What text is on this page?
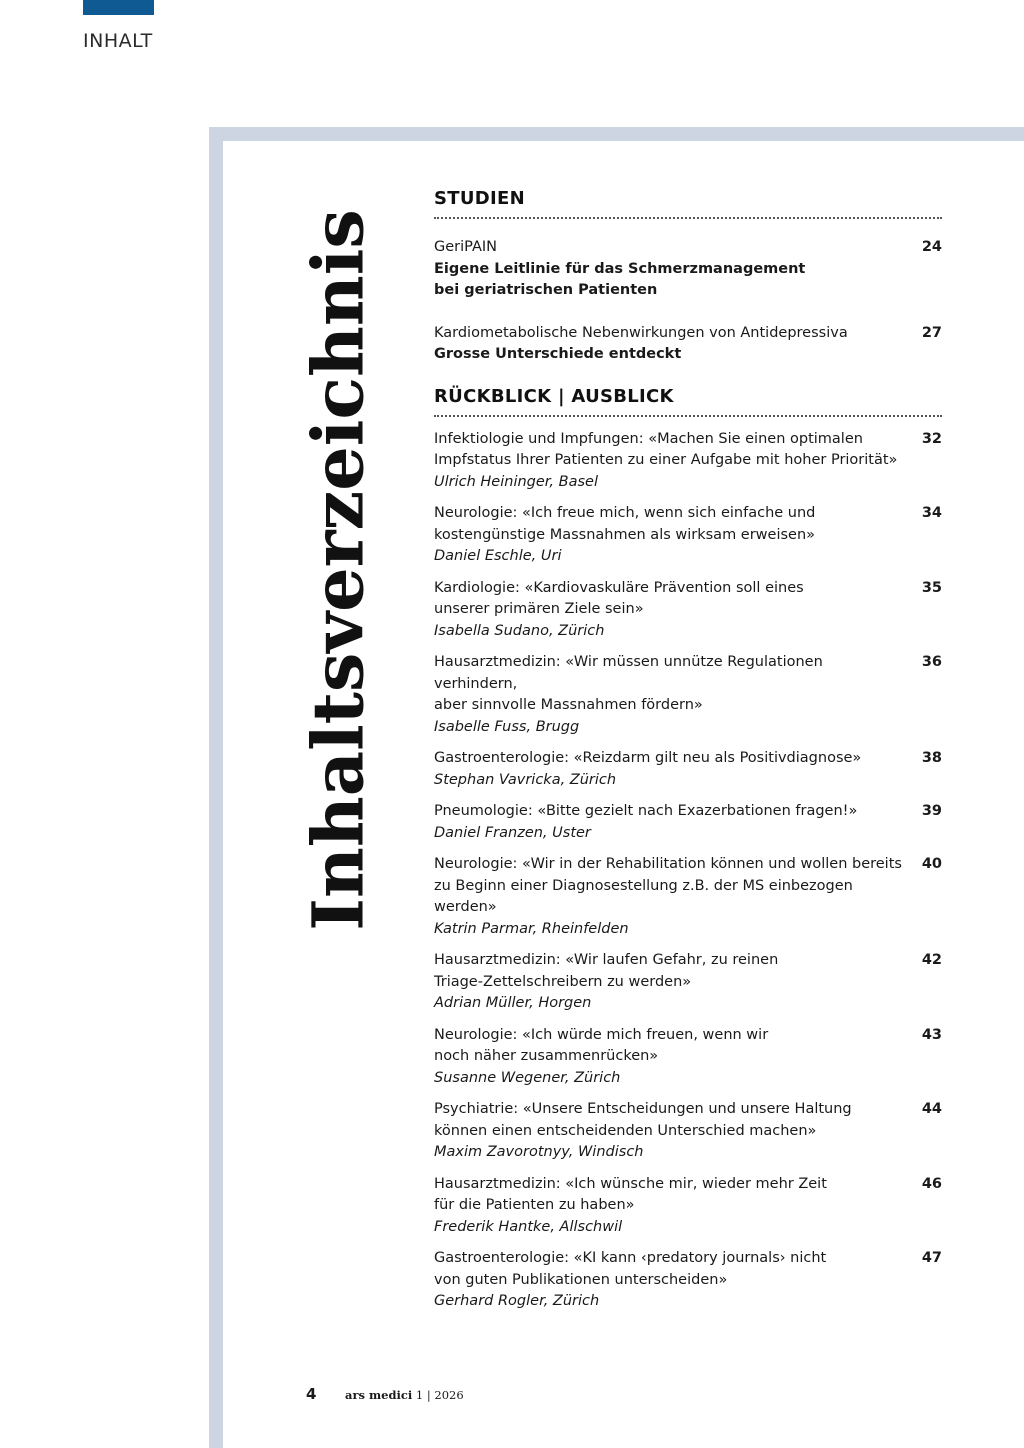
INHALT
Inhaltsverzeichnis
STUDIEN
GeriPAIN
Eigene Leitlinie für das Schmerzmanagement
bei geriatrischen Patienten
24
Kardiometabolische Nebenwirkungen von Antidepressiva
Grosse Unterschiede entdeckt
27
RÜCKBLICK | AUSBLICK
Infektiologie und Impfungen: «Machen Sie einen optimalen
Impfstatus Ihrer Patienten zu einer Aufgabe mit hoher Priorität»
Ulrich Heininger, Basel
32
Neurologie: «Ich freue mich, wenn sich einfache und
kostengünstige Massnahmen als wirksam erweisen»
Daniel Eschle, Uri
34
Kardiologie: «Kardiovaskuläre Prävention soll eines
unserer primären Ziele sein»
Isabella Sudano, Zürich
35
Hausarztmedizin: «Wir müssen unnütze Regulationen verhindern,
aber sinnvolle Massnahmen fördern»
Isabelle Fuss, Brugg
36
Gastroenterologie: «Reizdarm gilt neu als Positivdiagnose»
Stephan Vavricka, Zürich
38
Pneumologie: «Bitte gezielt nach Exazerbationen fragen!»
Daniel Franzen, Uster
39
Neurologie: «Wir in der Rehabilitation können und wollen bereits
zu Beginn einer Diagnosestellung z.B. der MS einbezogen werden»
Katrin Parmar, Rheinfelden
40
Hausarztmedizin: «Wir laufen Gefahr, zu reinen
Triage-Zettelschreibern zu werden»
Adrian Müller, Horgen
42
Neurologie: «Ich würde mich freuen, wenn wir
noch näher zusammenrücken»
Susanne Wegener, Zürich
43
Psychiatrie: «Unsere Entscheidungen und unsere Haltung
können einen entscheidenden Unterschied machen»
Maxim Zavorotnyy, Windisch
44
Hausarztmedizin: «Ich wünsche mir, wieder mehr Zeit
für die Patienten zu haben»
Frederik Hantke, Allschwil
46
Gastroenterologie: «KI kann ‹predatory journals› nicht
von guten Publikationen unterscheiden»
Gerhard Rogler, Zürich
47
4 ars medici 1 | 2026
